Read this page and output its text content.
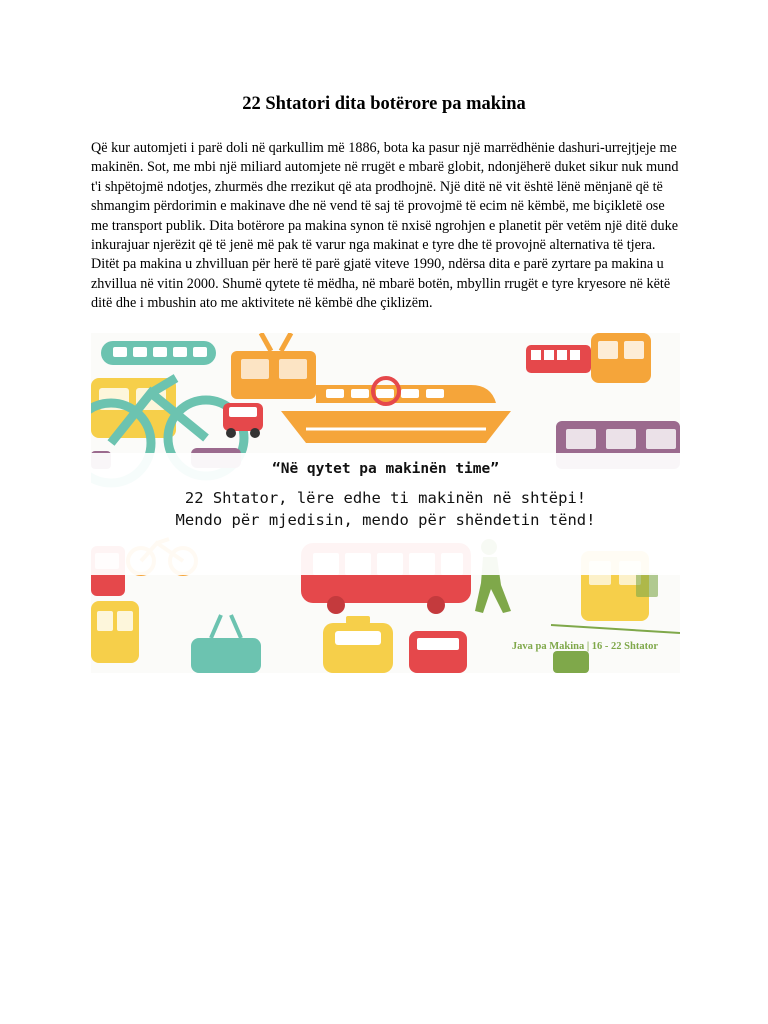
22 Shtatori dita botërore pa makina

Që kur automjeti i parë doli në qarkullim më 1886, bota ka pasur një marrëdhënie dashuri-urrejtjeje me makinën. Sot, me mbi një miliard automjete në rrugët e mbarë globit, ndonjëherë duket sikur nuk mund t'i shpëtojmë ndotjes, zhurmës dhe rrezikut që ata prodhojnë. Një ditë në vit është lënë mënjanë që të shmangim përdorimin e makinave dhe në vend të saj të provojmë të ecim në këmbë, me biçikletë ose me transport publik. Dita botërore pa makina synon të nxisë ngrohjen e planetit për vetëm një ditë duke inkurajuar njerëzit që të jenë më pak të varur nga makinat e tyre dhe të provojnë alternativa të tjera. Ditët pa makina u zhvilluan për herë të parë gjatë viteve 1990, ndërsa dita e parë zyrtare pa makina u zhvillua në vitin 2000. Shumë qytete të mëdha, në mbarë botën, mbyllin rrugët e tyre kryesore në këtë ditë dhe i mbushin ato me aktivitete në këmbë dhe çiklizëm.

“Në qytet pa makinën time”
22 Shtator, lëre edhe ti makinën në shtëpi!
Mendo për mjedisin, mendo për shëndetin tënd!
Java pa Makina | 16 - 22 Shtator
